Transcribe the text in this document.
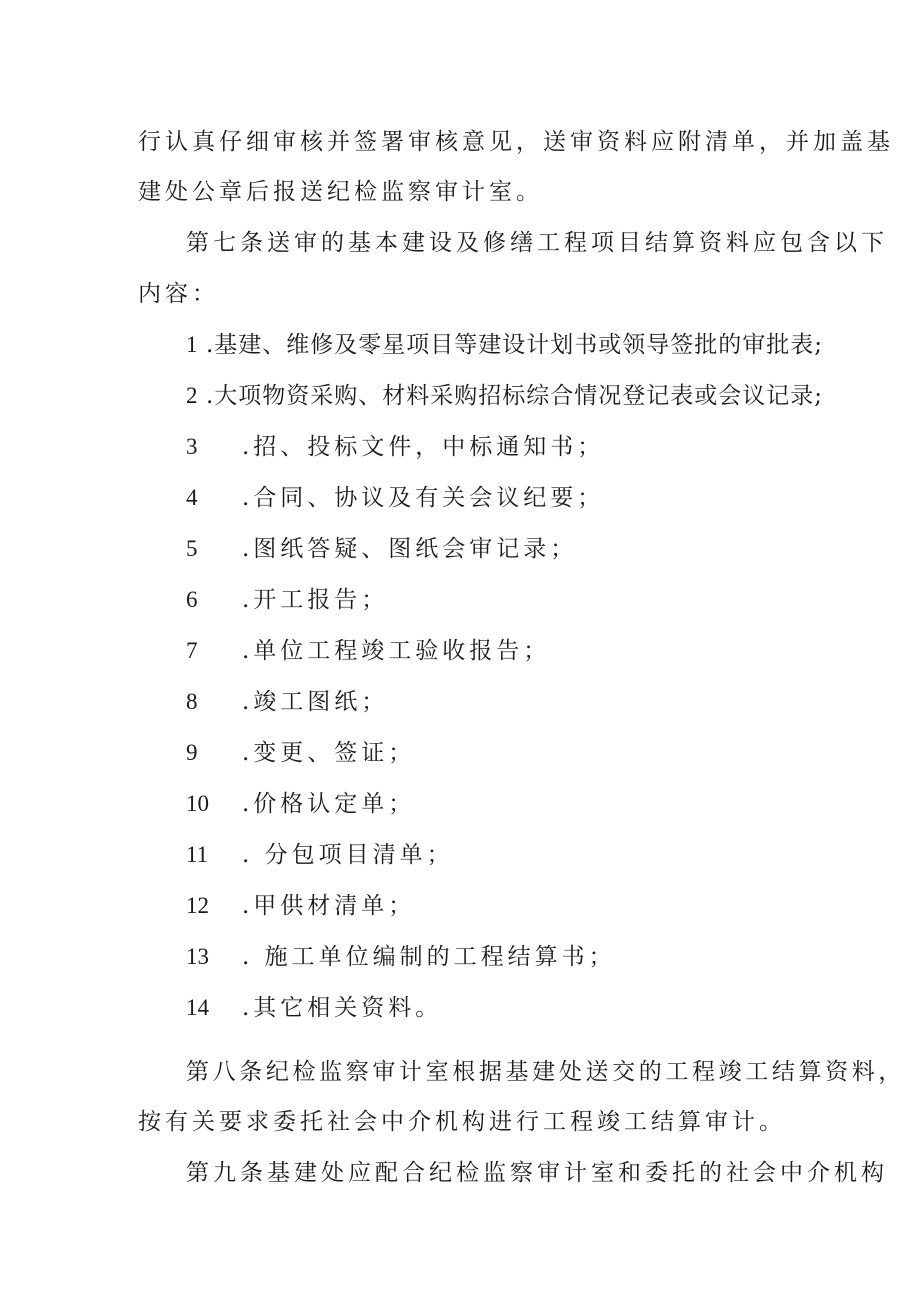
行认真仔细审核并签署审核意见，送审资料应附清单，并加盖基
建处公章后报送纪检监察审计室。
第七条送审的基本建设及修缮工程项目结算资料应包含以下
内容：
1 .基建、维修及零星项目等建设计划书或领导签批的审批表;
2 .大项物资采购、材料采购招标综合情况登记表或会议记录;
3 .招、投标文件，中标通知书；
4 .合同、协议及有关会议纪要；
5 .图纸答疑、图纸会审记录；
6 .开工报告；
7 .单位工程竣工验收报告；
8 .竣工图纸；
9 .变更、签证；
10 .价格认定单；
11 . 分包项目清单；
12 .甲供材清单；
13 . 施工单位编制的工程结算书；
14 .其它相关资料。
第八条纪检监察审计室根据基建处送交的工程竣工结算资料，
按有关要求委托社会中介机构进行工程竣工结算审计。
第九条基建处应配合纪检监察审计室和委托的社会中介机构
